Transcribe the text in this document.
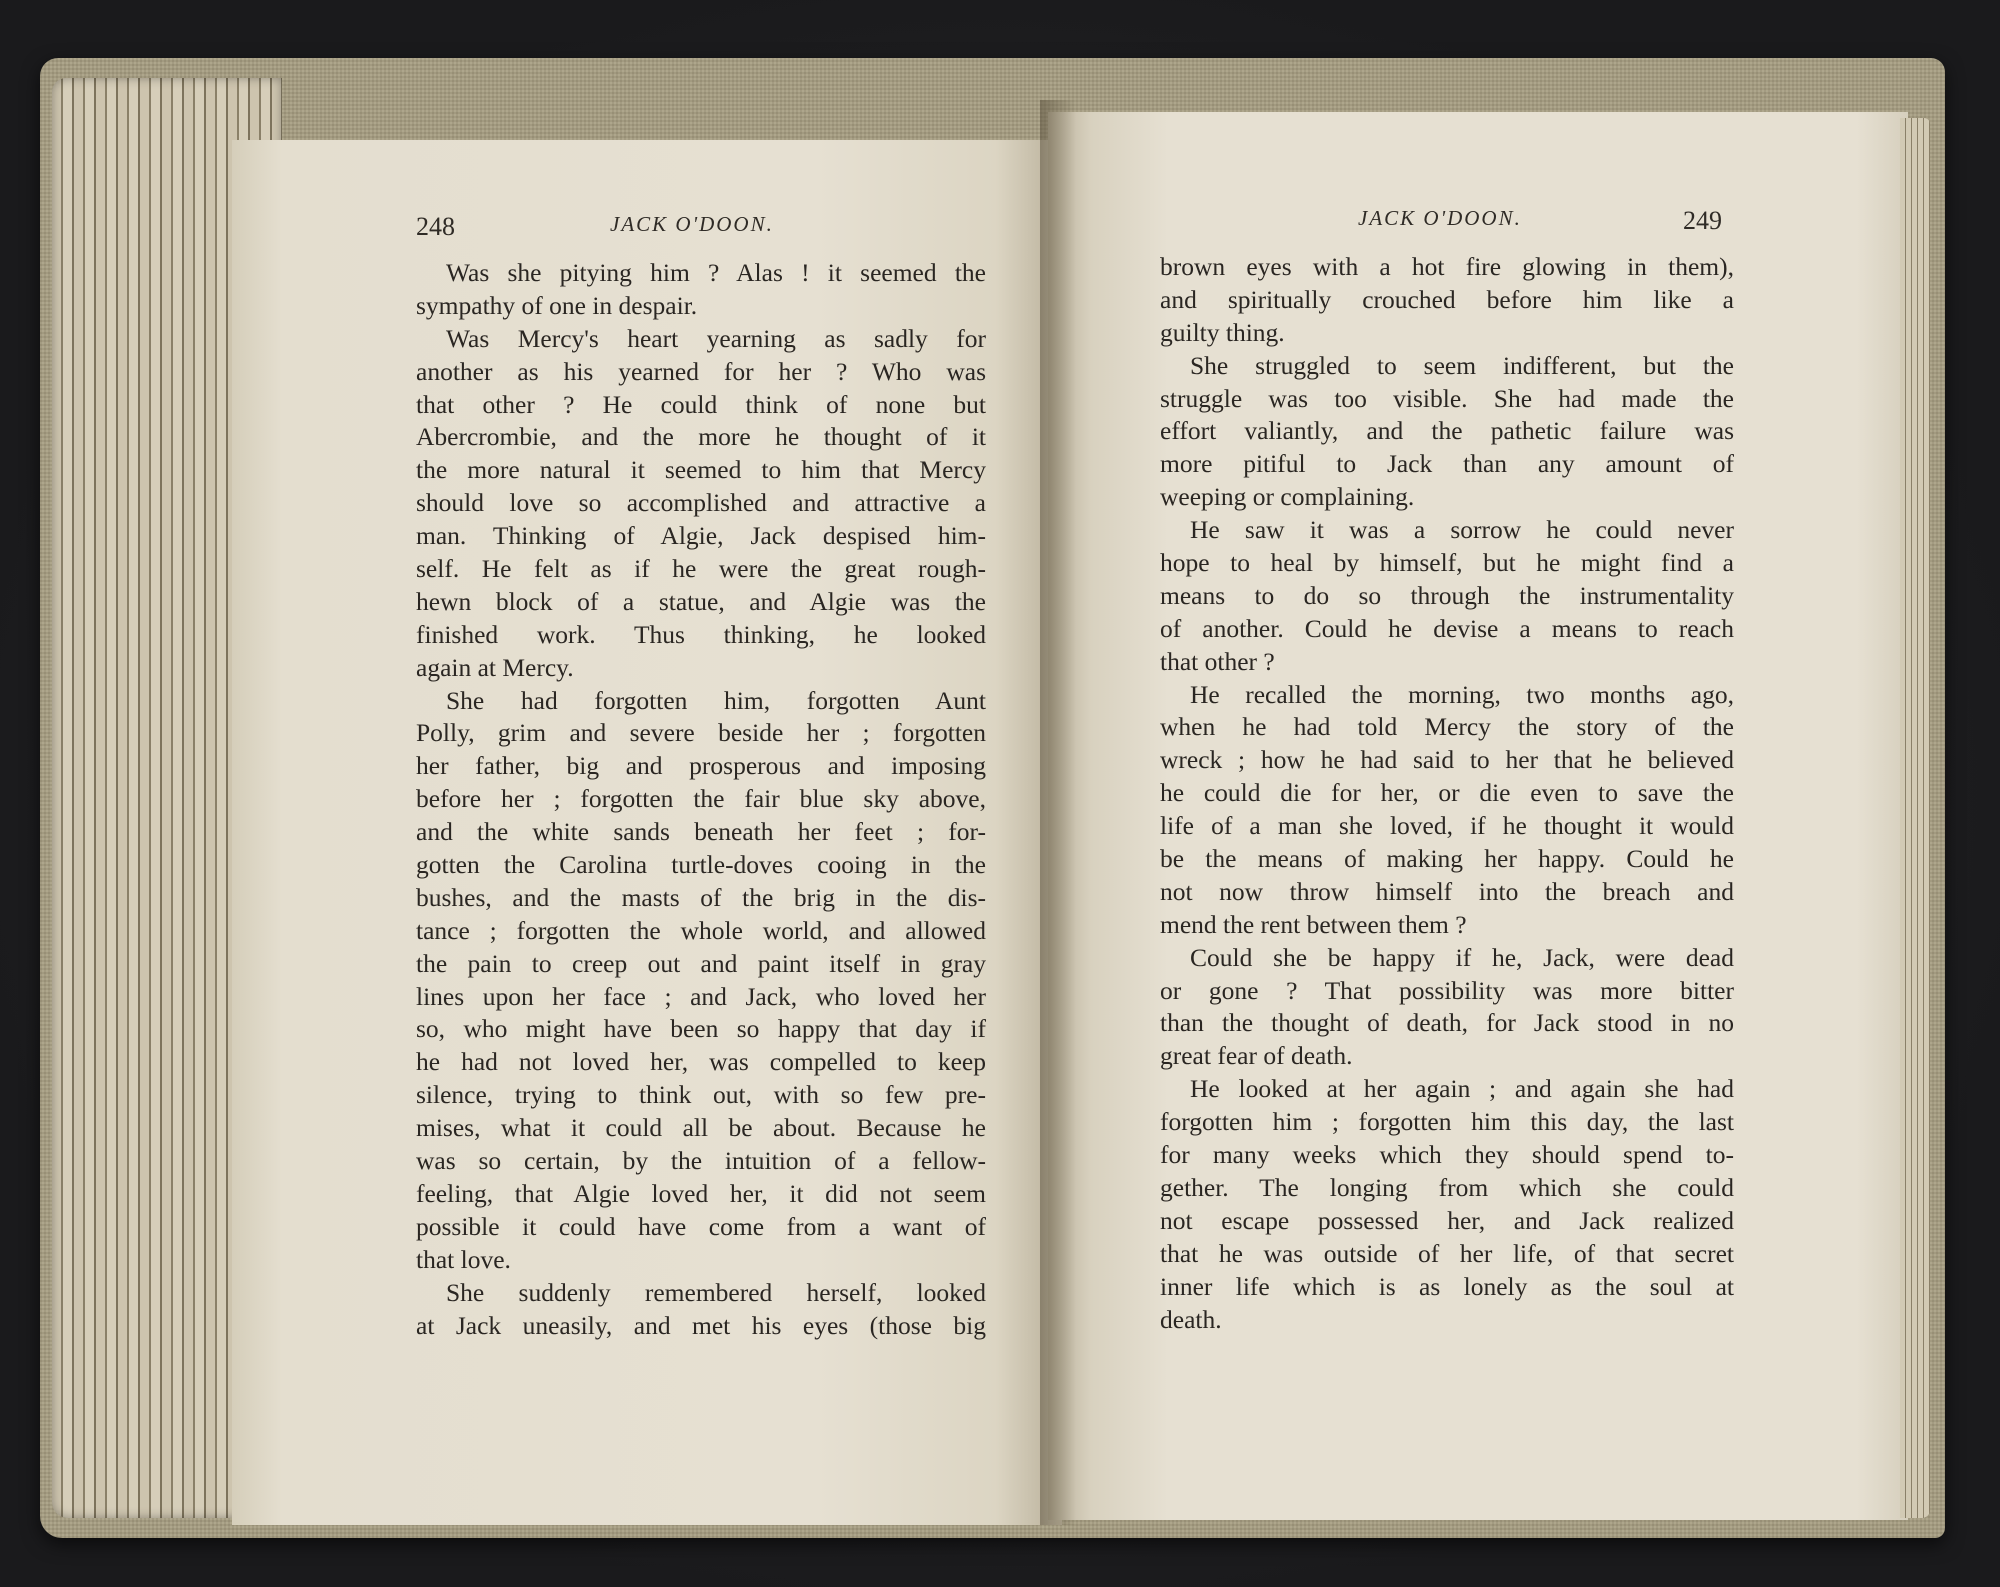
248	JACK O'DOON.	JACK O'DOON.	249
Was she pitying him ? Alas ! it seemed the
sympathy of one in despair.
Was Mercy's heart yearning as sadly for
another as his yearned for her ? Who was
that other ? He could think of none but
Abercrombie, and the more he thought of it
the more natural it seemed to him that Mercy
should love so accomplished and attractive a
man. Thinking of Algie, Jack despised him-
self. He felt as if he were the great rough-
hewn block of a statue, and Algie was the
finished work. Thus thinking, he looked
again at Mercy.
She had forgotten him, forgotten Aunt
Polly, grim and severe beside her ; forgotten
her father, big and prosperous and imposing
before her ; forgotten the fair blue sky above,
and the white sands beneath her feet ; for-
gotten the Carolina turtle-doves cooing in the
bushes, and the masts of the brig in the dis-
tance ; forgotten the whole world, and allowed
the pain to creep out and paint itself in gray
lines upon her face ; and Jack, who loved her
so, who might have been so happy that day if
he had not loved her, was compelled to keep
silence, trying to think out, with so few pre-
mises, what it could all be about. Because he
was so certain, by the intuition of a fellow-
feeling, that Algie loved her, it did not seem
possible it could have come from a want of
that love.
She suddenly remembered herself, looked
at Jack uneasily, and met his eyes (those big
brown eyes with a hot fire glowing in them),
and spiritually crouched before him like a
guilty thing.
She struggled to seem indifferent, but the
struggle was too visible. She had made the
effort valiantly, and the pathetic failure was
more pitiful to Jack than any amount of
weeping or complaining.
He saw it was a sorrow he could never
hope to heal by himself, but he might find a
means to do so through the instrumentality
of another. Could he devise a means to reach
that other ?
He recalled the morning, two months ago,
when he had told Mercy the story of the
wreck ; how he had said to her that he believed
he could die for her, or die even to save the
life of a man she loved, if he thought it would
be the means of making her happy. Could he
not now throw himself into the breach and
mend the rent between them ?
Could she be happy if he, Jack, were dead
or gone ? That possibility was more bitter
than the thought of death, for Jack stood in no
great fear of death.
He looked at her again ; and again she had
forgotten him ; forgotten him this day, the last
for many weeks which they should spend to-
gether. The longing from which she could
not escape possessed her, and Jack realized
that he was outside of her life, of that secret
inner life which is as lonely as the soul at
death.
